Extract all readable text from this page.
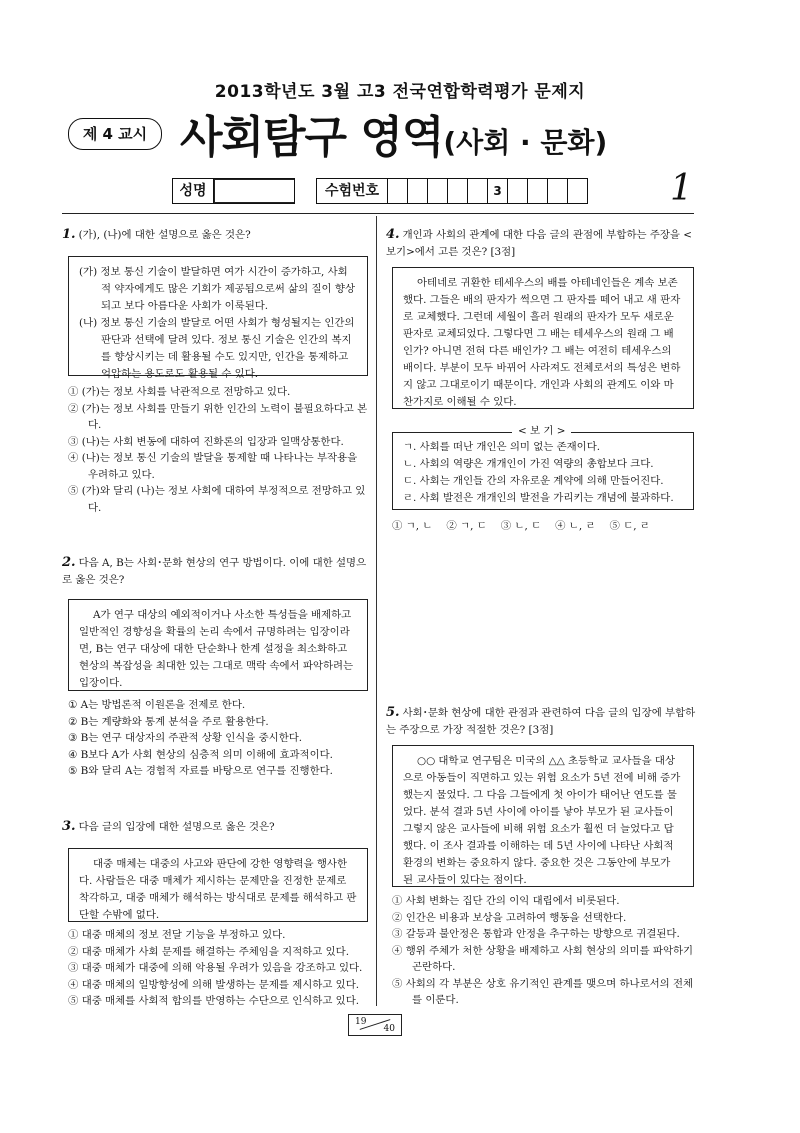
2013학년도 3월 고3 전국연합학력평가 문제지
제 4 교시 사회탐구 영역(사회 · 문화)
성명	수험번호	3	1
1. (가), (나)에 대한 설명으로 옳은 것은?

(가) 정보 통신 기술이 발달하면 여가 시간이 증가하고, 사회적 약자에게도 많은 기회가 제공됨으로써 삶의 질이 향상되고 보다 아름다운 사회가 이룩된다.

(나) 정보 통신 기술의 발달로 어떤 사회가 형성될지는 인간의 판단과 선택에 달려 있다. 정보 통신 기술은 인간의 복지를 향상시키는 데 활용될 수도 있지만, 인간을 통제하고 억압하는 용도로도 활용될 수 있다.

① (가)는 정보 사회를 낙관적으로 전망하고 있다.

② (가)는 정보 사회를 만들기 위한 인간의 노력이 불필요하다고 본다.

③ (나)는 사회 변동에 대하여 진화론의 입장과 일맥상통한다.

④ (나)는 정보 통신 기술의 발달을 통제할 때 나타나는 부작용을 우려하고 있다.

⑤ (가)와 달리 (나)는 정보 사회에 대하여 부정적으로 전망하고 있다.

2. 다음 A, B는 사회･문화 현상의 연구 방법이다. 이에 대한 설명으로 옳은 것은?
A가 연구 대상의 예외적이거나 사소한 특성들을 배제하고 일반적인 경향성을 확률의 논리 속에서 규명하려는 입장이라면, B는 연구 대상에 대한 단순화나 한계 설정을 최소화하고 현상의 복잡성을 최대한 있는 그대로 맥락 속에서 파악하려는 입장이다.

① A는 방법론적 이원론을 전제로 한다.

② B는 계량화와 통계 분석을 주로 활용한다.

③ B는 연구 대상자의 주관적 상황 인식을 중시한다.

④ B보다 A가 사회 현상의 심층적 의미 이해에 효과적이다.

⑤ B와 달리 A는 경험적 자료를 바탕으로 연구를 진행한다.

3. 다음 글의 입장에 대한 설명으로 옳은 것은?
대중 매체는 대중의 사고와 판단에 강한 영향력을 행사한다. 사람들은 대중 매체가 제시하는 문제만을 진정한 문제로 착각하고, 대중 매체가 해석하는 방식대로 문제를 해석하고 판단할 수밖에 없다.

① 대중 매체의 정보 전달 기능을 부정하고 있다.

② 대중 매체가 사회 문제를 해결하는 주체임을 지적하고 있다.

③ 대중 매체가 대중에 의해 악용될 우려가 있음을 강조하고 있다.

④ 대중 매체의 일방향성에 의해 발생하는 문제를 제시하고 있다.

⑤ 대중 매체를 사회적 합의를 반영하는 수단으로 인식하고 있다.

4. 개인과 사회의 관계에 대한 다음 글의 관점에 부합하는 주장을 <보기>에서 고른 것은? [3점]
아테네로 귀환한 테세우스의 배를 아테네인들은 계속 보존했다. 그들은 배의 판자가 썩으면 그 판자를 떼어 내고 새 판자로 교체했다. 그런데 세월이 흘러 원래의 판자가 모두 새로운 판자로 교체되었다. 그렇다면 그 배는 테세우스의 원래 그 배인가? 아니면 전혀 다른 배인가? 그 배는 여전히 테세우스의 배이다. 부분이 모두 바뀌어 사라져도 전체로서의 특성은 변하지 않고 그대로이기 때문이다. 개인과 사회의 관계도 이와 마찬가지로 이해될 수 있다.

ㄱ. 사회를 떠난 개인은 의미 없는 존재이다.

ㄴ. 사회의 역량은 개개인이 가진 역량의 총합보다 크다.

ㄷ. 사회는 개인들 간의 자유로운 계약에 의해 만들어진다.

ㄹ. 사회 발전은 개개인의 발전을 가리키는 개념에 불과하다.

< 보 기 >
① ㄱ, ㄴ ② ㄱ, ㄷ ③ ㄴ, ㄷ ④ ㄴ, ㄹ ⑤ ㄷ, ㄹ
5. 사회･문화 현상에 대한 관점과 관련하여 다음 글의 입장에 부합하는 주장으로 가장 적절한 것은? [3점]
○○ 대학교 연구팀은 미국의 △△ 초등학교 교사들을 대상으로 아동들이 직면하고 있는 위험 요소가 5년 전에 비해 증가했는지 물었다. 그 다음 그들에게 첫 아이가 태어난 연도를 물었다. 분석 결과 5년 사이에 아이를 낳아 부모가 된 교사들이 그렇지 않은 교사들에 비해 위험 요소가 훨씬 더 늘었다고 답했다. 이 조사 결과를 이해하는 데 5년 사이에 나타난 사회적 환경의 변화는 중요하지 않다. 중요한 것은 그동안에 부모가 된 교사들이 있다는 점이다.

① 사회 변화는 집단 간의 이익 대립에서 비롯된다.

② 인간은 비용과 보상을 고려하여 행동을 선택한다.

③ 갈등과 불안정은 통합과 안정을 추구하는 방향으로 귀결된다.

④ 행위 주체가 처한 상황을 배제하고 사회 현상의 의미를 파악하기 곤란하다.

⑤ 사회의 각 부분은 상호 유기적인 관계를 맺으며 하나로서의 전체를 이룬다.

19
40
